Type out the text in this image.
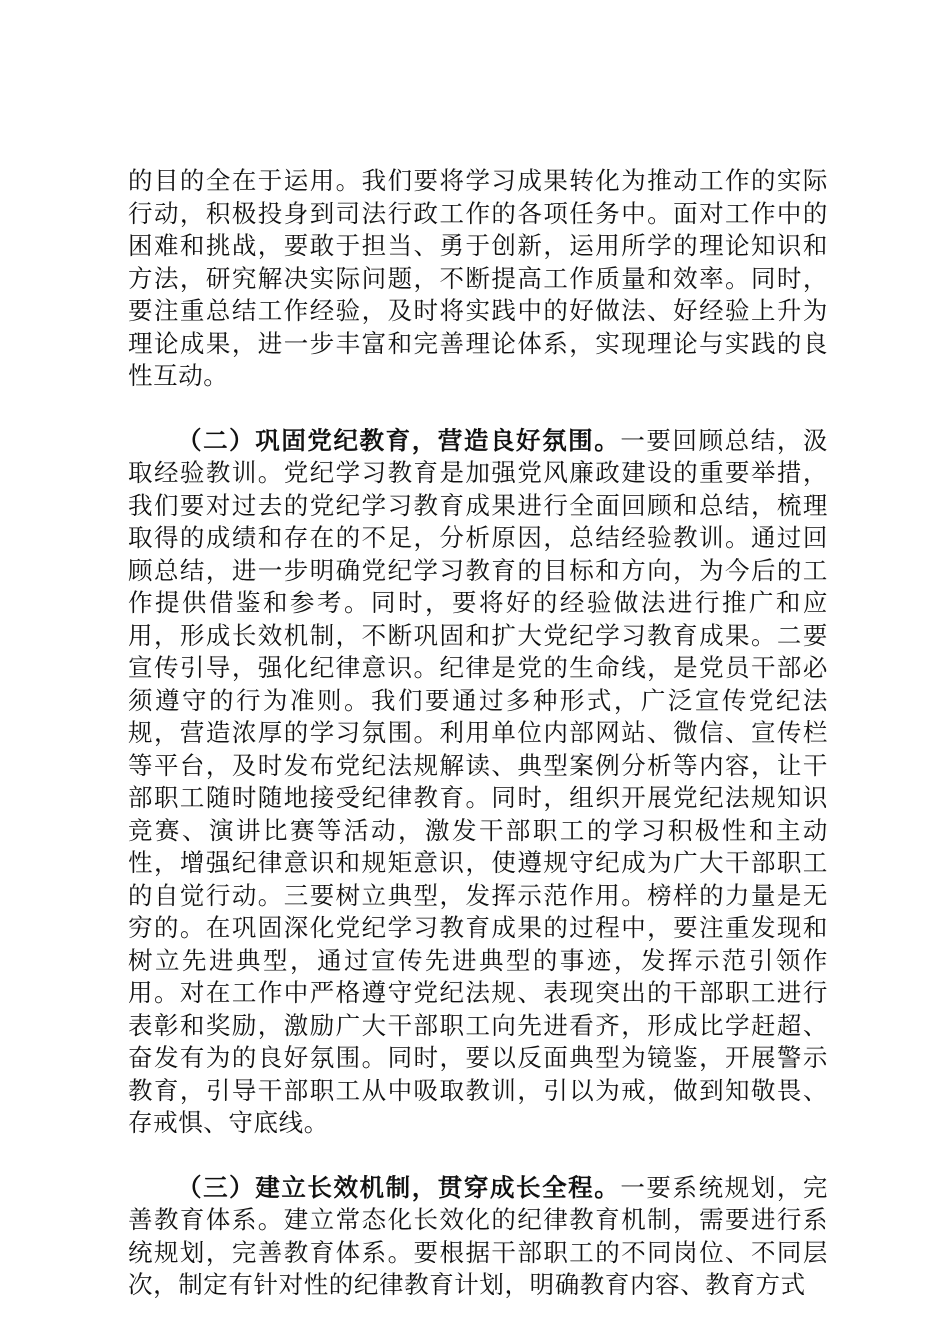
的目的全在于运用。我们要将学习成果转化为推动工作的实际行动，积极投身到司法行政工作的各项任务中。面对工作中的困难和挑战，要敢于担当、勇于创新，运用所学的理论知识和方法，研究解决实际问题，不断提高工作质量和效率。同时，要注重总结工作经验，及时将实践中的好做法、好经验上升为理论成果，进一步丰富和完善理论体系，实现理论与实践的良性互动。

（二）巩固党纪教育，营造良好氛围。一要回顾总结，汲取经验教训。党纪学习教育是加强党风廉政建设的重要举措，我们要对过去的党纪学习教育成果进行全面回顾和总结，梳理取得的成绩和存在的不足，分析原因，总结经验教训。通过回顾总结，进一步明确党纪学习教育的目标和方向，为今后的工作提供借鉴和参考。同时，要将好的经验做法进行推广和应用，形成长效机制，不断巩固和扩大党纪学习教育成果。二要宣传引导，强化纪律意识。纪律是党的生命线，是党员干部必须遵守的行为准则。我们要通过多种形式，广泛宣传党纪法规，营造浓厚的学习氛围。利用单位内部网站、微信、宣传栏等平台，及时发布党纪法规解读、典型案例分析等内容，让干部职工随时随地接受纪律教育。同时，组织开展党纪法规知识竞赛、演讲比赛等活动，激发干部职工的学习积极性和主动性，增强纪律意识和规矩意识，使遵规守纪成为广大干部职工的自觉行动。三要树立典型，发挥示范作用。榜样的力量是无穷的。在巩固深化党纪学习教育成果的过程中，要注重发现和树立先进典型，通过宣传先进典型的事迹，发挥示范引领作用。对在工作中严格遵守党纪法规、表现突出的干部职工进行表彰和奖励，激励广大干部职工向先进看齐，形成比学赶超、奋发有为的良好氛围。同时，要以反面典型为镜鉴，开展警示教育，引导干部职工从中吸取教训，引以为戒，做到知敬畏、存戒惧、守底线。

（三）建立长效机制，贯穿成长全程。一要系统规划，完善教育体系。建立常态化长效化的纪律教育机制，需要进行系统规划，完善教育体系。要根据干部职工的不同岗位、不同层次，制定有针对性的纪律教育计划，明确教育内容、教育方式
